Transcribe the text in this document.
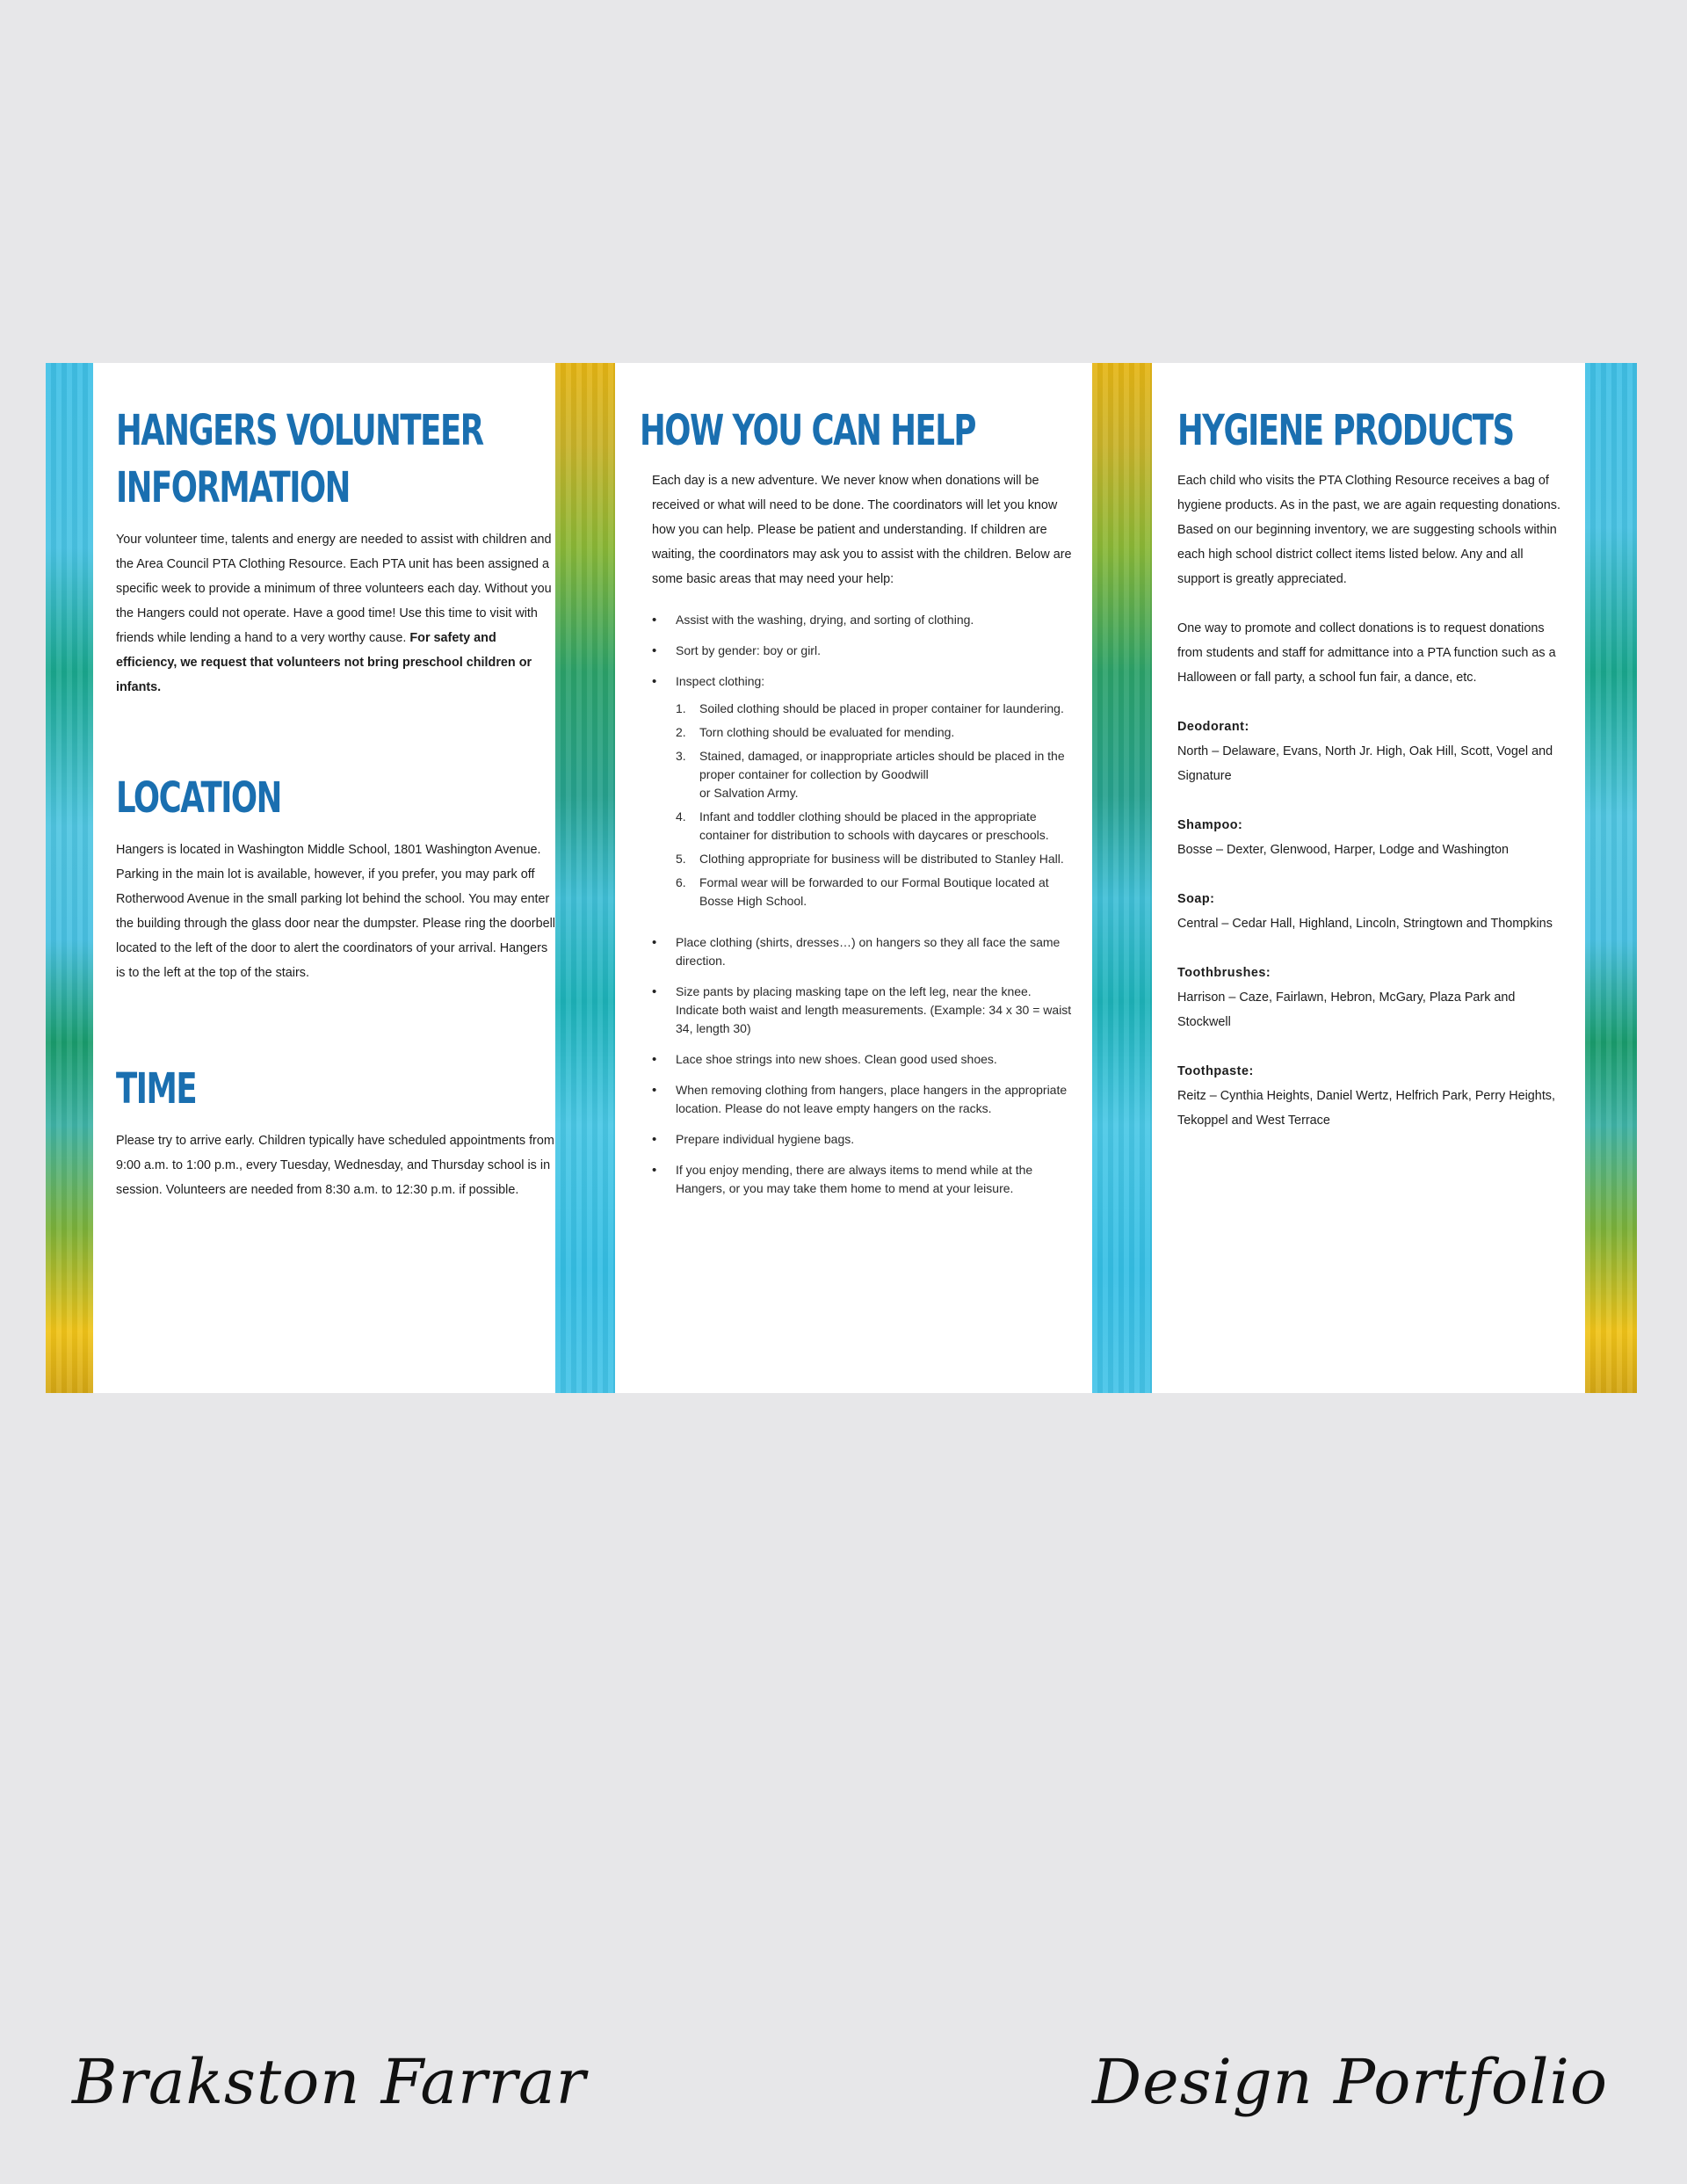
HANGERS VOLUNTEER
INFORMATION

Your volunteer time, talents and energy are needed to assist with children and the Area Council PTA Clothing Resource. Each PTA unit has been assigned a specific week to provide a minimum of three volunteers each day. Without you the Hangers could not operate. Have a good time! Use this time to visit with friends while lending a hand to a very worthy cause. For safety and efficiency, we request that volunteers not bring preschool children or infants.

LOCATION

Hangers is located in Washington Middle School, 1801 Washington Avenue. Parking in the main lot is available, however, if you prefer, you may park off Rotherwood Avenue in the small parking lot behind the school. You may enter the building through the glass door near the dumpster. Please ring the doorbell located to the left of the door to alert the coordinators of your arrival. Hangers is to the left at the top of the stairs.

TIME

Please try to arrive early. Children typically have scheduled appointments from 9:00 a.m. to 1:00 p.m., every Tuesday, Wednesday, and Thursday school is in session. Volunteers are needed from 8:30 a.m. to 12:30 p.m. if possible.

HOW YOU CAN HELP

Each day is a new adventure. We never know when donations will be received or what will need to be done. The coordinators will let you know how you can help. Please be patient and understanding. If children are waiting, the coordinators may ask you to assist with the children. Below are some basic areas that may need your help:

• Assist with the washing, drying, and sorting of clothing.
• Sort by gender: boy or girl.
• Inspect clothing:
1. Soiled clothing should be placed in proper container for laundering.
2. Torn clothing should be evaluated for mending.
3. Stained, damaged, or inappropriate articles should be placed in the proper container for collection by Goodwill
or Salvation Army.
4. Infant and toddler clothing should be placed in the appropriate container for distribution to schools with daycares or preschools.
5. Clothing appropriate for business will be distributed to Stanley Hall.
6. Formal wear will be forwarded to our Formal Boutique located at Bosse High School.
• Place clothing (shirts, dresses…) on hangers so they all face the same direction.
• Size pants by placing masking tape on the left leg, near the knee. Indicate both waist and length measurements. (Example: 34 x 30 = waist 34, length 30)
• Lace shoe strings into new shoes. Clean good used shoes.
• When removing clothing from hangers, place hangers in the appropriate location. Please do not leave empty hangers on the racks.
• Prepare individual hygiene bags.
• If you enjoy mending, there are always items to mend while at the Hangers, or you may take them home to mend at your leisure.
HYGIENE PRODUCTS

Each child who visits the PTA Clothing Resource receives a bag of hygiene products. As in the past, we are again requesting donations. Based on our beginning inventory, we are suggesting schools within each high school district collect items listed below. Any and all support is greatly appreciated.

One way to promote and collect donations is to request donations from students and staff for admittance into a PTA function such as a Halloween or fall party, a school fun fair, a dance, etc.

Deodorant:

North – Delaware, Evans, North Jr. High, Oak Hill, Scott, Vogel and Signature

Shampoo:

Bosse – Dexter, Glenwood, Harper, Lodge and Washington

Soap:

Central – Cedar Hall, Highland, Lincoln, Stringtown and Thompkins

Toothbrushes:

Harrison – Caze, Fairlawn, Hebron, McGary, Plaza Park and Stockwell

Toothpaste:

Reitz – Cynthia Heights, Daniel Wertz, Helfrich Park, Perry Heights, Tekoppel and West Terrace

Brakston Farrar	Design Portfolio
